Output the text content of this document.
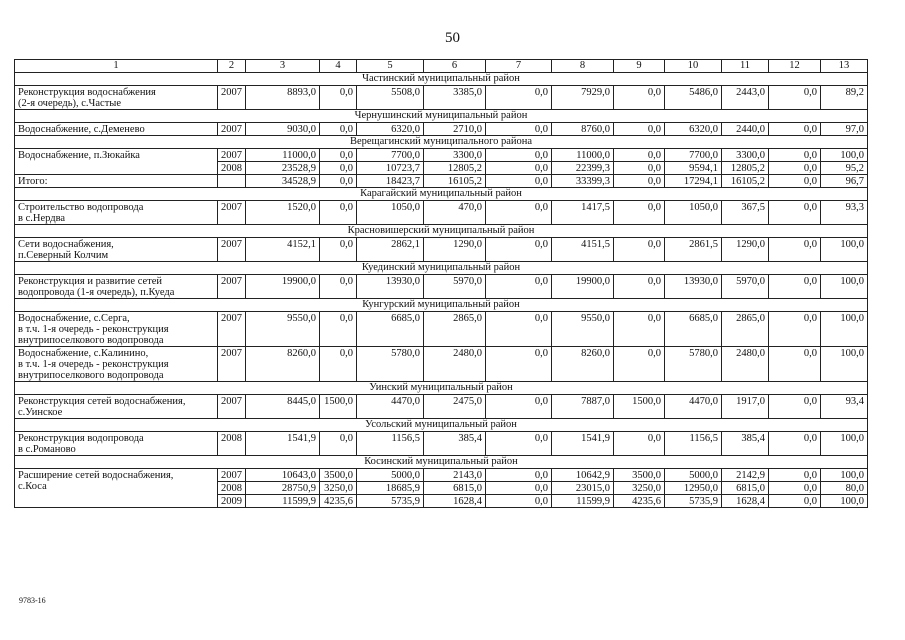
50
1	2	3	4	5	6	7	8	9	10	11	12	13
Частинский муниципальный район												

Реконструкция водоснабжения
(2-я очередь), с.Частые	2007	8893,0	0,0	5508,0	3385,0	0,0	7929,0	0,0	5486,0	2443,0	0,0	89,2
Чернушинский муниципальный район												

Водоснабжение, с.Деменево	2007	9030,0	0,0	6320,0	2710,0	0,0	8760,0	0,0	6320,0	2440,0	0,0	97,0
Верещагинский муниципального района												

Водоснабжение, п.Зюкайка	2007	11000,0	0,0	7700,0	3300,0	0,0	11000,0	0,0	7700,0	3300,0	0,0	100,0
	2008	23528,9	0,0	10723,7	12805,2	0,0	22399,3	0,0	9594,1	12805,2	0,0	95,2

Итого:		34528,9	0,0	18423,7	16105,2	0,0	33399,3	0,0	17294,1	16105,2	0,0	96,7
Карагайский муниципальный район												

Строительство водопровода
в с.Нердва	2007	1520,0	0,0	1050,0	470,0	0,0	1417,5	0,0	1050,0	367,5	0,0	93,3
Красновишерский муниципальный район												

Сети водоснабжения,
п.Северный Колчим	2007	4152,1	0,0	2862,1	1290,0	0,0	4151,5	0,0	2861,5	1290,0	0,0	100,0
Куединский муниципальный район												

Реконструкция и развитие сетей
водопровода (1-я очередь), п.Куеда	2007	19900,0	0,0	13930,0	5970,0	0,0	19900,0	0,0	13930,0	5970,0	0,0	100,0
Кунгурский муниципальный район												

Водоснабжение, с.Серга,
в т.ч. 1-я очередь - реконструкция
внутрипоселкового водопровода	2007	9550,0	0,0	6685,0	2865,0	0,0	9550,0	0,0	6685,0	2865,0	0,0	100,0

Водоснабжение, с.Калинино,
в т.ч. 1-я очередь - реконструкция
внутрипоселкового водопровода	2007	8260,0	0,0	5780,0	2480,0	0,0	8260,0	0,0	5780,0	2480,0	0,0	100,0
Уинский муниципальный район												

Реконструкция сетей водоснабжения,
с.Уинское	2007	8445,0	1500,0	4470,0	2475,0	0,0	7887,0	1500,0	4470,0	1917,0	0,0	93,4
Усольский муниципальный район												

Реконструкция водопровода
в с.Романово	2008	1541,9	0,0	1156,5	385,4	0,0	1541,9	0,0	1156,5	385,4	0,0	100,0
Косинский муниципальный район												

Расширение сетей водоснабжения,
с.Коса	2007	10643,0	3500,0	5000,0	2143,0	0,0	10642,9	3500,0	5000,0	2142,9	0,0	100,0
	2008	28750,9	3250,0	18685,9	6815,0	0,0	23015,0	3250,0	12950,0	6815,0	0,0	80,0
	2009	11599,9	4235,6	5735,9	1628,4	0,0	11599,9	4235,6	5735,9	1628,4	0,0	100,0
9783-16
